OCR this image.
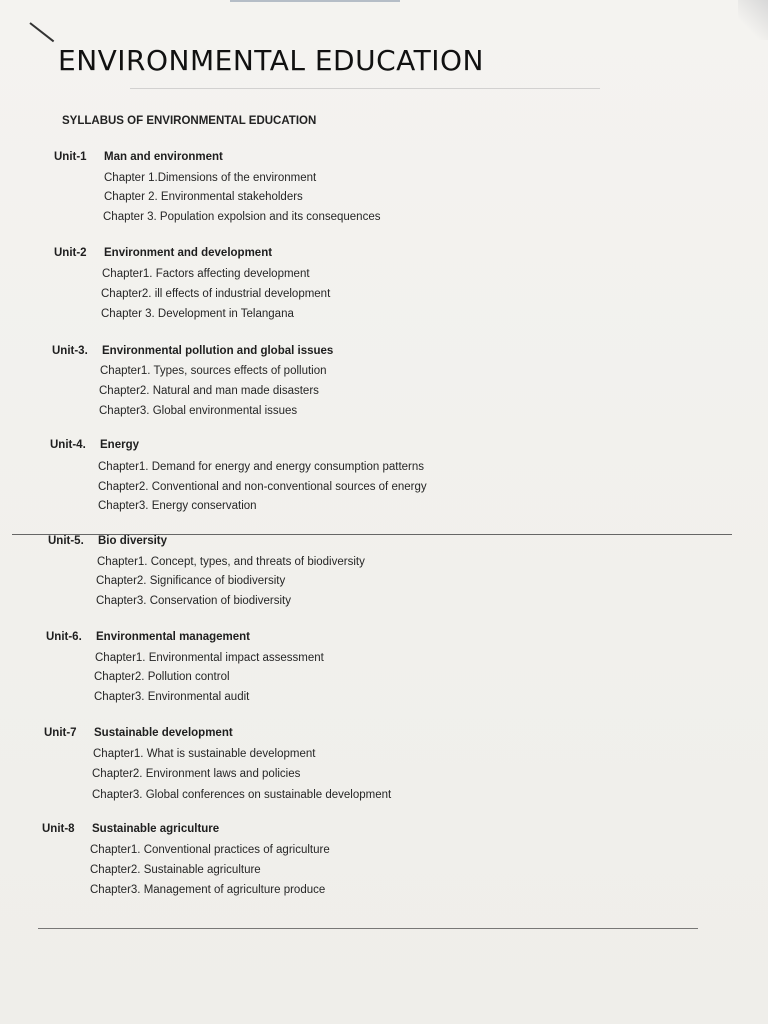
ENVIRONMENTAL EDUCATION
SYLLABUS OF ENVIRONMENTAL EDUCATION
Unit-1 Man and environment
Chapter 1.Dimensions of the environment
Chapter 2. Environmental stakeholders
Chapter 3. Population expolsion and its consequences
Unit-2 Environment and development
Chapter1. Factors affecting development
Chapter2. ill effects of industrial development
Chapter 3. Development in Telangana
Unit-3. Environmental pollution and global issues
Chapter1. Types, sources effects of pollution
Chapter2. Natural and man made disasters
Chapter3. Global environmental issues
Unit-4. Energy
Chapter1. Demand for energy and energy consumption patterns
Chapter2. Conventional and non-conventional sources of energy
Chapter3. Energy conservation
Unit-5. Bio diversity
Chapter1. Concept, types, and threats of biodiversity
Chapter2. Significance of biodiversity
Chapter3. Conservation of biodiversity
Unit-6. Environmental management
Chapter1. Environmental impact assessment
Chapter2. Pollution control
Chapter3. Environmental audit
Unit-7 Sustainable development
Chapter1. What is sustainable development
Chapter2. Environment laws and policies
Chapter3. Global conferences on sustainable development
Unit-8 Sustainable agriculture
Chapter1. Conventional practices of agriculture
Chapter2. Sustainable agriculture
Chapter3. Management of agriculture produce
